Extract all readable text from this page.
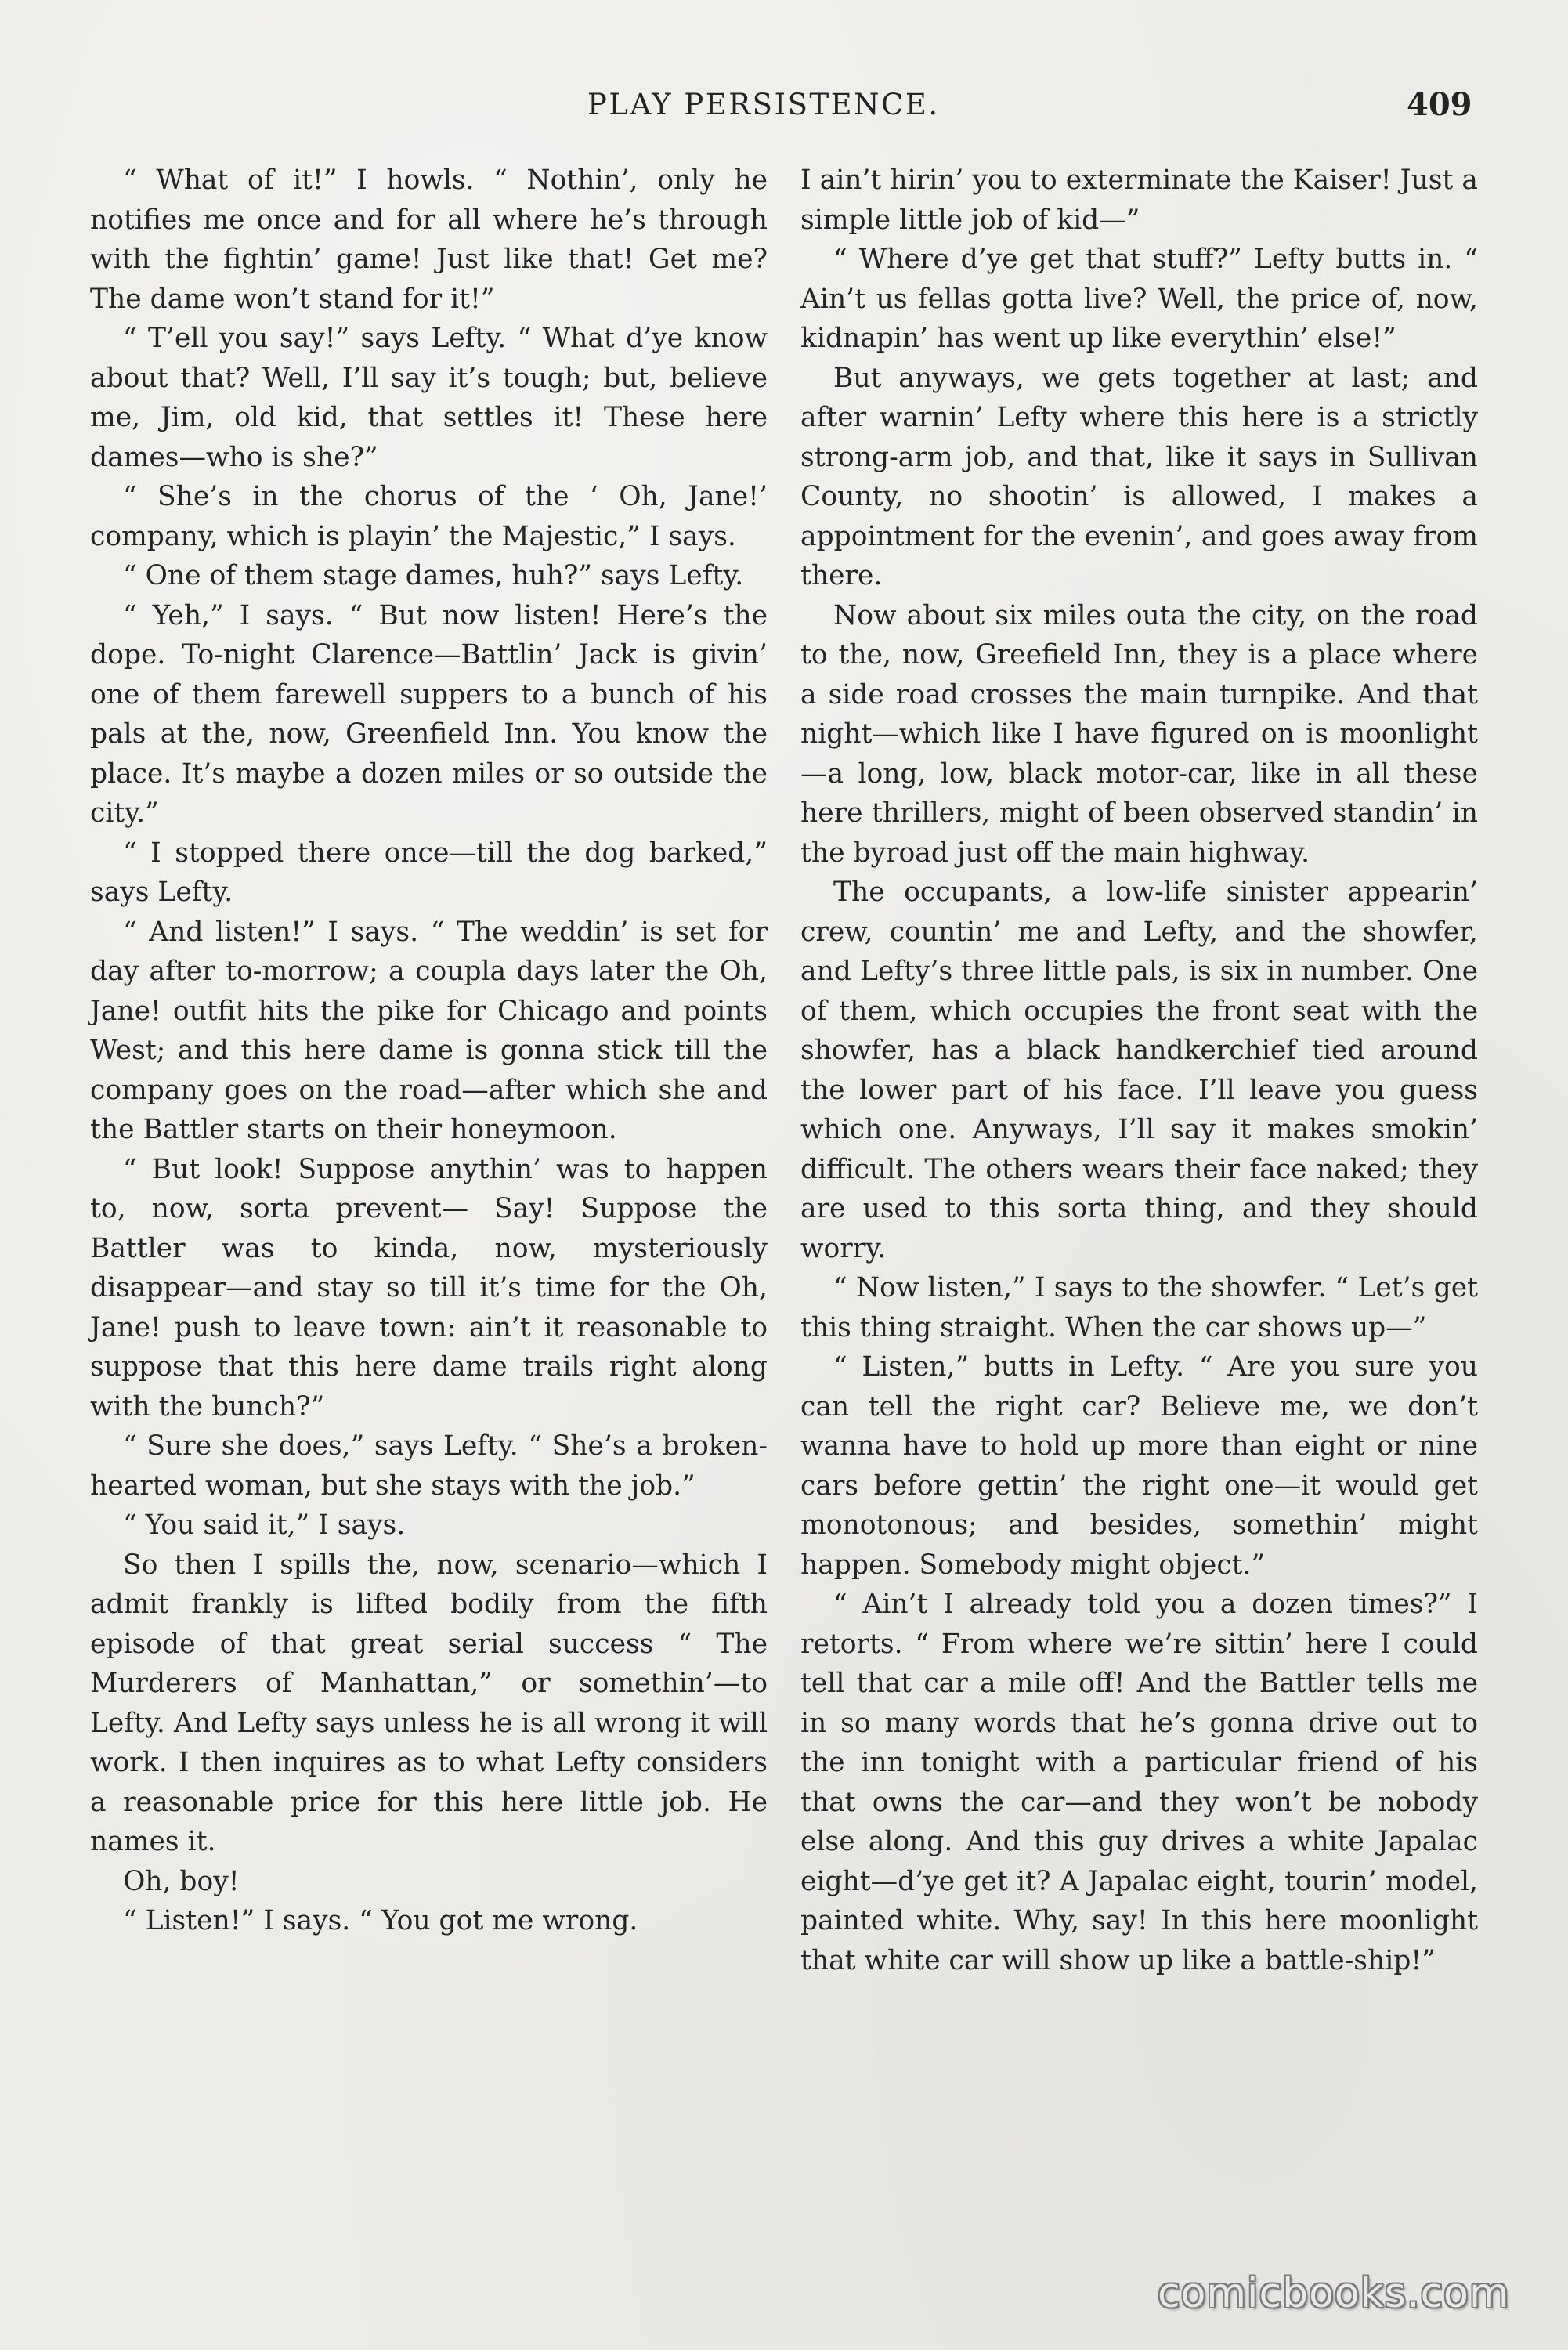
PLAY PERSISTENCE.	409

“ What of it!” I howls. “ Nothin’, only he notifies me once and for all where he’s through with the fightin’ game! Just like that! Get me? The dame won’t stand for it!”

“ T’ell you say!” says Lefty. “ What d’ye know about that? Well, I’ll say it’s tough; but, believe me, Jim, old kid, that settles it! These here dames—who is she?”

“ She’s in the chorus of the ‘ Oh, Jane!’ company, which is playin’ the Majestic,” I says.

“ One of them stage dames, huh?” says Lefty.

“ Yeh,” I says. “ But now listen! Here’s the dope. To-night Clarence—Battlin’ Jack is givin’ one of them farewell suppers to a bunch of his pals at the, now, Greenfield Inn. You know the place. It’s maybe a dozen miles or so outside the city.”

“ I stopped there once—till the dog barked,” says Lefty.

“ And listen!” I says. “ The weddin’ is set for day after to-morrow; a coupla days later the Oh, Jane! outfit hits the pike for Chicago and points West; and this here dame is gonna stick till the company goes on the road—after which she and the Battler starts on their honeymoon.

“ But look! Suppose anythin’ was to happen to, now, sorta prevent— Say! Suppose the Battler was to kinda, now, mysteriously disappear—and stay so till it’s time for the Oh, Jane! push to leave town: ain’t it reasonable to suppose that this here dame trails right along with the bunch?”

“ Sure she does,” says Lefty. “ She’s a broken-hearted woman, but she stays with the job.”

“ You said it,” I says.

So then I spills the, now, scenario—which I admit frankly is lifted bodily from the fifth episode of that great serial success “ The Murderers of Manhattan,” or somethin’—to Lefty. And Lefty says unless he is all wrong it will work. I then inquires as to what Lefty considers a reasonable price for this here little job. He names it.

Oh, boy!

“ Listen!” I says. “ You got me wrong.

I ain’t hirin’ you to exterminate the Kaiser! Just a simple little job of kid—”

“ Where d’ye get that stuff?” Lefty butts in. “ Ain’t us fellas gotta live? Well, the price of, now, kidnapin’ has went up like everythin’ else!”

But anyways, we gets together at last; and after warnin’ Lefty where this here is a strictly strong-arm job, and that, like it says in Sullivan County, no shootin’ is allowed, I makes a appointment for the evenin’, and goes away from there.

Now about six miles outa the city, on the road to the, now, Greefield Inn, they is a place where a side road crosses the main turnpike. And that night—which like I have figured on is moonlight—a long, low, black motor-car, like in all these here thrillers, might of been observed standin’ in the byroad just off the main highway.

The occupants, a low-life sinister appearin’ crew, countin’ me and Lefty, and the showfer, and Lefty’s three little pals, is six in number. One of them, which occupies the front seat with the showfer, has a black handkerchief tied around the lower part of his face. I’ll leave you guess which one. Anyways, I’ll say it makes smokin’ difficult. The others wears their face naked; they are used to this sorta thing, and they should worry.

“ Now listen,” I says to the showfer. “ Let’s get this thing straight. When the car shows up—”

“ Listen,” butts in Lefty. “ Are you sure you can tell the right car? Believe me, we don’t wanna have to hold up more than eight or nine cars before gettin’ the right one—it would get monotonous; and besides, somethin’ might happen. Somebody might object.”

“ Ain’t I already told you a dozen times?” I retorts. “ From where we’re sittin’ here I could tell that car a mile off! And the Battler tells me in so many words that he’s gonna drive out to the inn tonight with a particular friend of his that owns the car—and they won’t be nobody else along. And this guy drives a white Japalac eight—d’ye get it? A Japalac eight, tourin’ model, painted white. Why, say! In this here moonlight that white car will show up like a battle-ship!”

comicbooks.com
